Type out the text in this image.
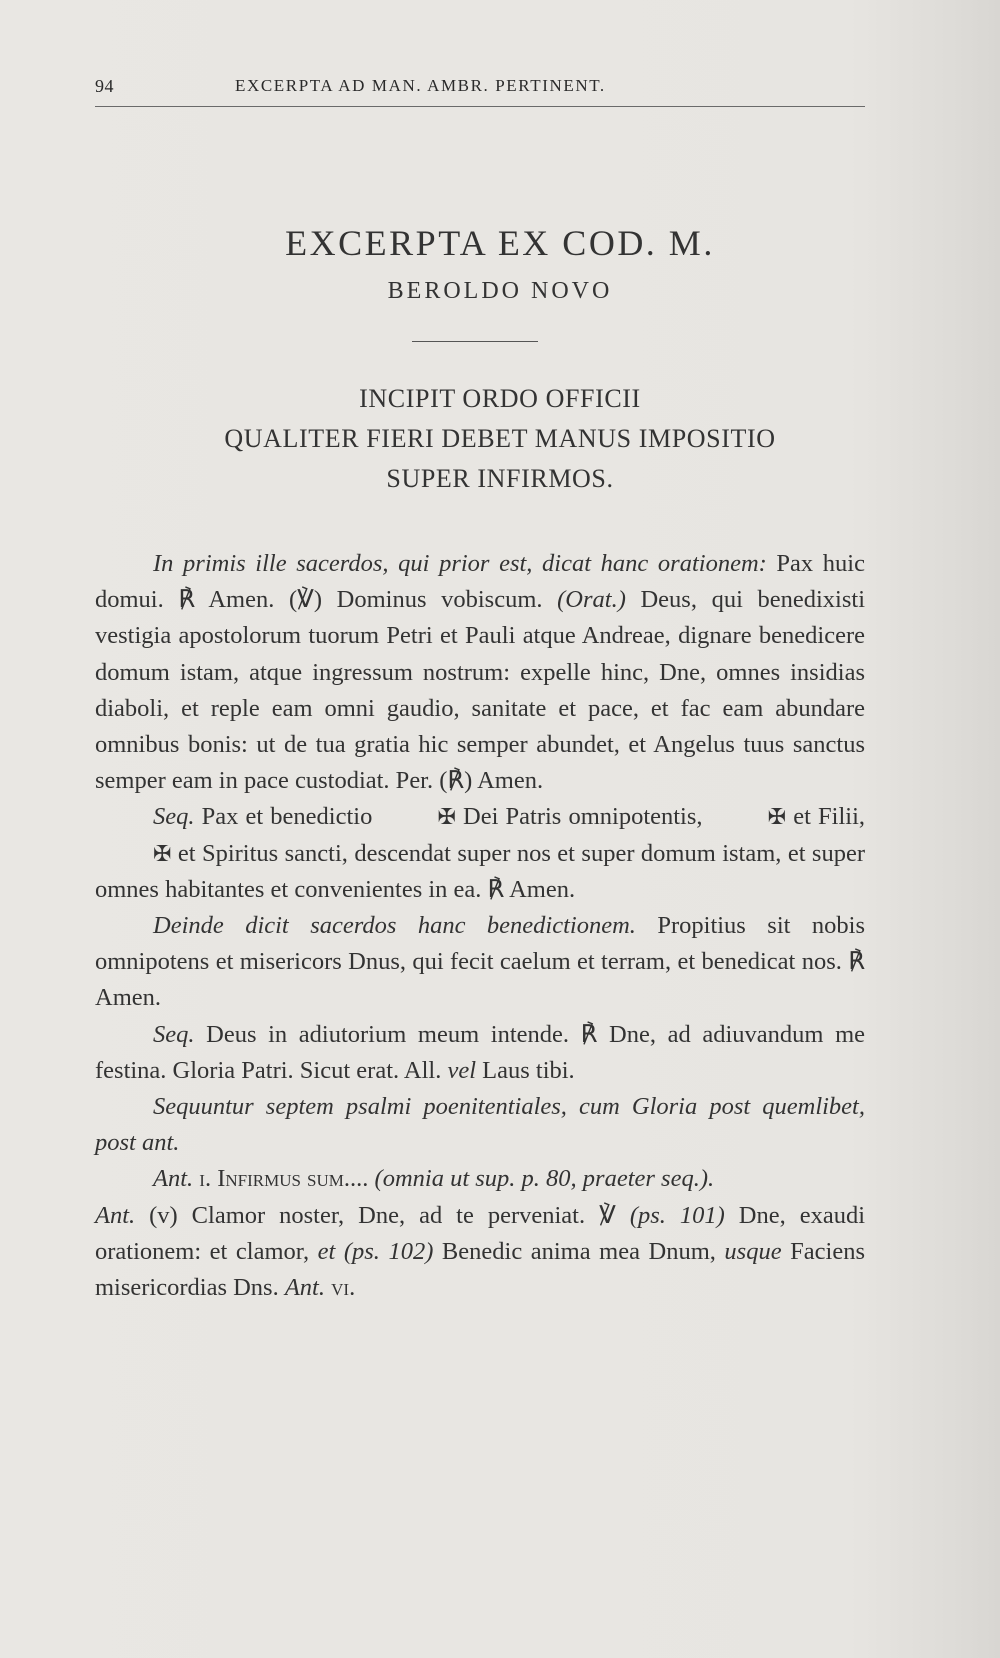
94	EXCERPTA AD MAN. AMBR. PERTINENT.
EXCERPTA EX COD. M.
BEROLDO NOVO
INCIPIT ORDO OFFICII
QUALITER FIERI DEBET MANUS IMPOSITIO
SUPER INFIRMOS.

In primis ille sacerdos, qui prior est, dicat hanc orationem: Pax huic domui. ℟ Amen. (℣) Dominus vobiscum. (Orat.) Deus, qui benedixisti vestigia apostolorum tuorum Petri et Pauli atque Andreae, dignare benedicere domum istam, atque ingressum nostrum: expelle hinc, Dne, omnes insidias diaboli, et reple eam omni gaudio, sanitate et pace, et fac eam abundare omnibus bonis: ut de tua gratia hic semper abundet, et Angelus tuus sanctus semper eam in pace custodiat. Per. (℟) Amen.

Seq. Pax et benedictio	✠ Dei Patris omnipotentis,	✠ et Filii, ✠ et Spiritus sancti, descendat super nos et super domum istam, et super omnes habitantes et convenientes in ea. ℟ Amen.

Deinde dicit sacerdos hanc benedictionem. Propitius sit nobis omnipotens et misericors Dnus, qui fecit caelum et terram, et benedicat nos. ℟ Amen.

Seq. Deus in adiutorium meum intende. ℟ Dne, ad adiuvandum me festina. Gloria Patri. Sicut erat. All. vel Laus tibi.

Sequuntur septem psalmi poenitentiales, cum Gloria post quemlibet, post ant.

Ant. i. Infirmus sum.... (omnia ut sup. p. 80, praeter seq.).

Ant. (v) Clamor noster, Dne, ad te perveniat. ℣ (ps. 101) Dne, exaudi orationem: et clamor, et (ps. 102) Benedic anima mea Dnum, usque Faciens misericordias Dns. Ant. vi.
